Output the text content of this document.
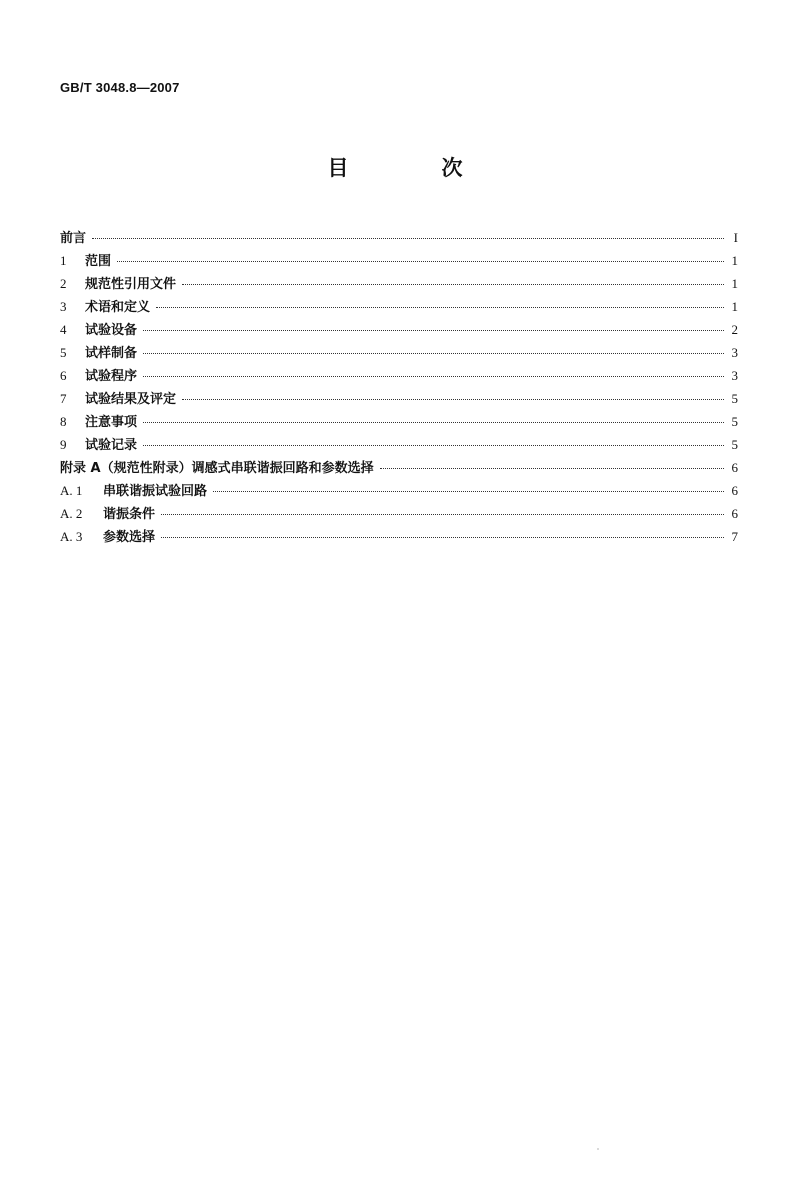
GB/T 3048.8—2007
目　次
前言	I
1	范围	1
2	规范性引用文件	1
3	术语和定义	1
4	试验设备	2
5	试样制备	3
6	试验程序	3
7	试验结果及评定	5
8	注意事项	5
9	试验记录	5
附录 A（规范性附录）调感式串联谐振回路和参数选择	6
A. 1	串联谐振试验回路	6
A. 2	谐振条件	6
A. 3	参数选择	7
